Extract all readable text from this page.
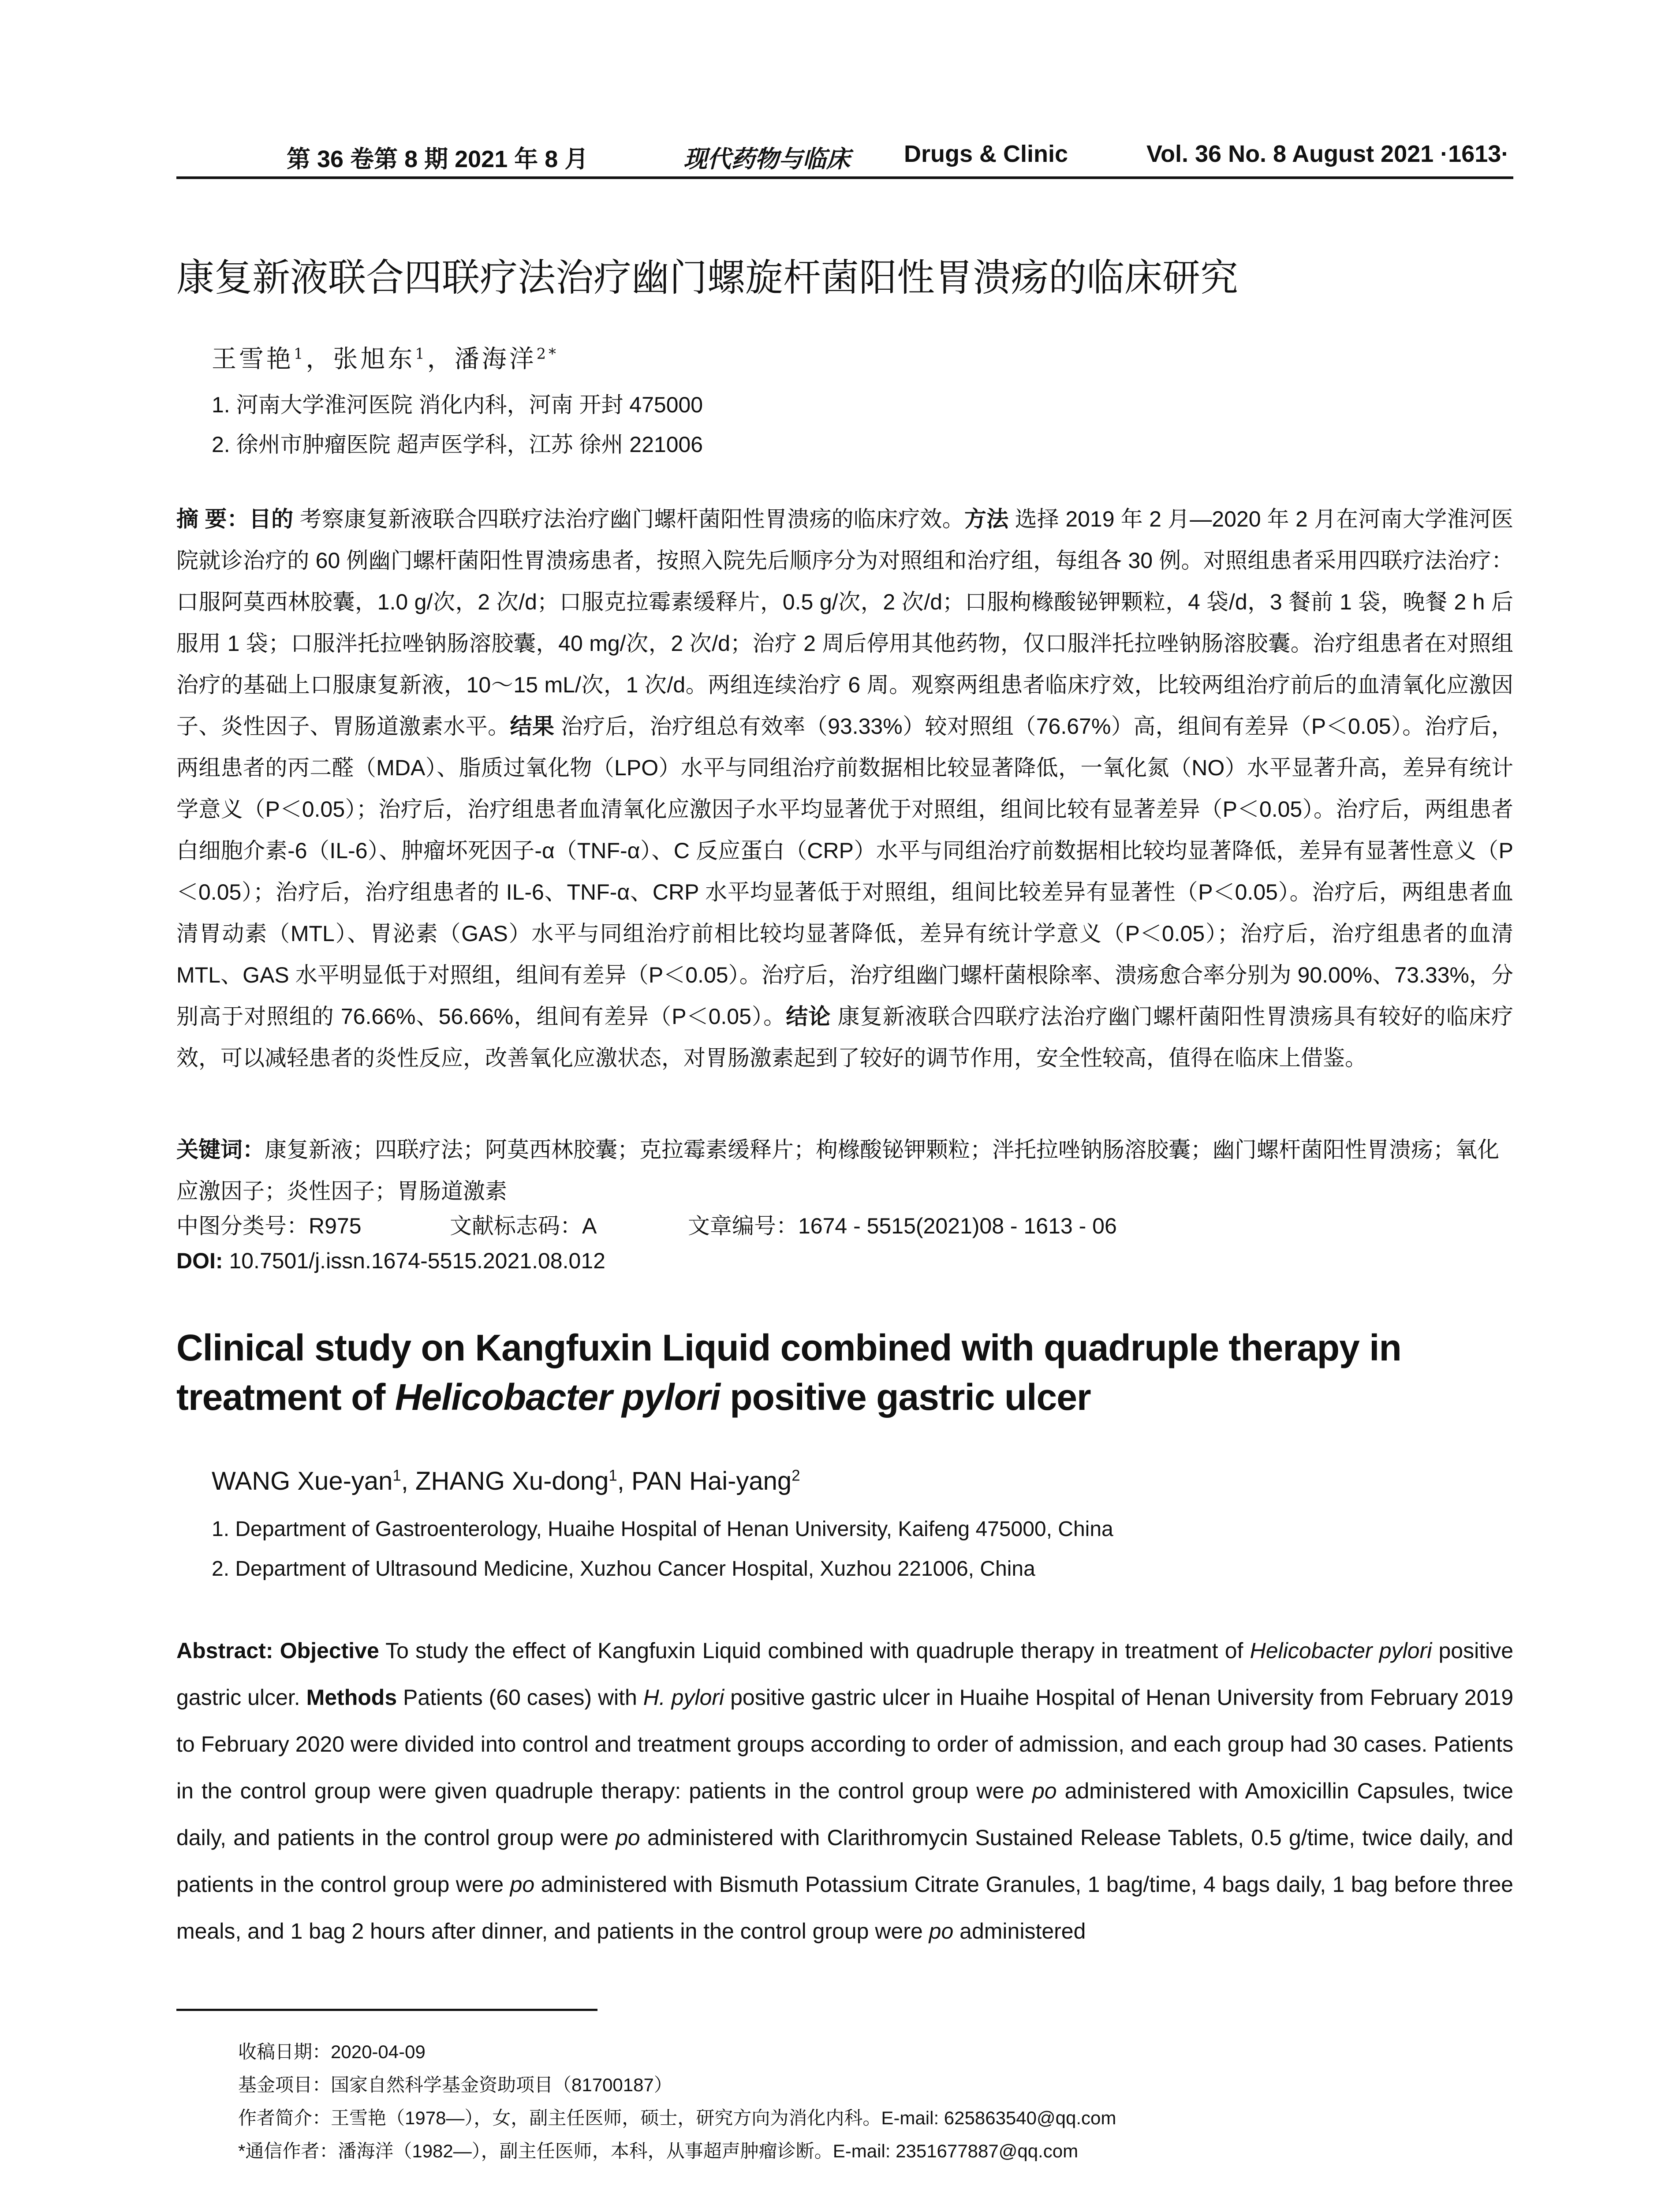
第 36 卷第 8 期 2021 年 8 月	现代药物与临床 Drugs & Clinic	Vol. 36 No. 8 August 2021 ·1613·
康复新液联合四联疗法治疗幽门螺旋杆菌阳性胃溃疡的临床研究
王雪艳$^1$，张旭东$^1$，潘海洋$^{2*}$
1. 河南大学淮河医院 消化内科，河南 开封 475000
2. 徐州市肿瘤医院 超声医学科，江苏 徐州 221006
摘 要：目的 考察康复新液联合四联疗法治疗幽门螺杆菌阳性胃溃疡的临床疗效。方法 选择 2019 年 2 月—2020 年 2 月在河南大学淮河医院就诊治疗的 60 例幽门螺杆菌阳性胃溃疡患者，按照入院先后顺序分为对照组和治疗组，每组各 30 例。对照组患者采用四联疗法治疗：口服阿莫西林胶囊，1.0 g/次，2 次/d；口服克拉霉素缓释片，0.5 g/次，2 次/d；口服枸橼酸铋钾颗粒，4 袋/d，3 餐前 1 袋，晚餐 2 h 后服用 1 袋；口服泮托拉唑钠肠溶胶囊，40 mg/次，2 次/d；治疗 2 周后停用其他药物，仅口服泮托拉唑钠肠溶胶囊。治疗组患者在对照组治疗的基础上口服康复新液，10～15 mL/次，1 次/d。两组连续治疗 6 周。观察两组患者临床疗效，比较两组治疗前后的血清氧化应激因子、炎性因子、胃肠道激素水平。结果 治疗后，治疗组总有效率（93.33%）较对照组（76.67%）高，组间有差异（P＜0.05）。治疗后，两组患者的丙二醛（MDA）、脂质过氧化物（LPO）水平与同组治疗前数据相比较显著降低，一氧化氮（NO）水平显著升高，差异有统计学意义（P＜0.05）；治疗后，治疗组患者血清氧化应激因子水平均显著优于对照组，组间比较有显著差异（P＜0.05）。治疗后，两组患者白细胞介素-6（IL-6）、肿瘤坏死因子-α（TNF-α）、C 反应蛋白（CRP）水平与同组治疗前数据相比较均显著降低，差异有显著性意义（P＜0.05）；治疗后，治疗组患者的 IL-6、TNF-α、CRP 水平均显著低于对照组，组间比较差异有显著性（P＜0.05）。治疗后，两组患者血清胃动素（MTL）、胃泌素（GAS）水平与同组治疗前相比较均显著降低，差异有统计学意义（P＜0.05）；治疗后，治疗组患者的血清 MTL、GAS 水平明显低于对照组，组间有差异（P＜0.05）。治疗后，治疗组幽门螺杆菌根除率、溃疡愈合率分别为 90.00%、73.33%，分别高于对照组的 76.66%、56.66%，组间有差异（P＜0.05）。结论 康复新液联合四联疗法治疗幽门螺杆菌阳性胃溃疡具有较好的临床疗效，可以减轻患者的炎性反应，改善氧化应激状态，对胃肠激素起到了较好的调节作用，安全性较高，值得在临床上借鉴。
关键词：康复新液；四联疗法；阿莫西林胶囊；克拉霉素缓释片；枸橼酸铋钾颗粒；泮托拉唑钠肠溶胶囊；幽门螺杆菌阳性胃溃疡；氧化应激因子；炎性因子；胃肠道激素
中图分类号：R975	文献标志码：A	文章编号：1674 - 5515(2021)08 - 1613 - 06
DOI: 10.7501/j.issn.1674-5515.2021.08.012
Clinical study on Kangfuxin Liquid combined with quadruple therapy in treatment of Helicobacter pylori positive gastric ulcer
WANG Xue-yan$^1$, ZHANG Xu-dong$^1$, PAN Hai-yang$^2$
1. Department of Gastroenterology, Huaihe Hospital of Henan University, Kaifeng 475000, China
2. Department of Ultrasound Medicine, Xuzhou Cancer Hospital, Xuzhou 221006, China
Abstract: Objective To study the effect of Kangfuxin Liquid combined with quadruple therapy in treatment of Helicobacter pylori positive gastric ulcer. Methods Patients (60 cases) with H. pylori positive gastric ulcer in Huaihe Hospital of Henan University from February 2019 to February 2020 were divided into control and treatment groups according to order of admission, and each group had 30 cases. Patients in the control group were given quadruple therapy: patients in the control group were po administered with Amoxicillin Capsules, twice daily, and patients in the control group were po administered with Clarithromycin Sustained Release Tablets, 0.5 g/time, twice daily, and patients in the control group were po administered with Bismuth Potassium Citrate Granules, 1 bag/time, 4 bags daily, 1 bag before three meals, and 1 bag 2 hours after dinner, and patients in the control group were po administered
收稿日期：2020-04-09
基金项目：国家自然科学基金资助项目（81700187）
作者简介：王雪艳（1978—），女，副主任医师，硕士，研究方向为消化内科。E-mail: 625863540@qq.com
*通信作者：潘海洋（1982—），副主任医师，本科，从事超声肿瘤诊断。E-mail: 2351677887@qq.com
